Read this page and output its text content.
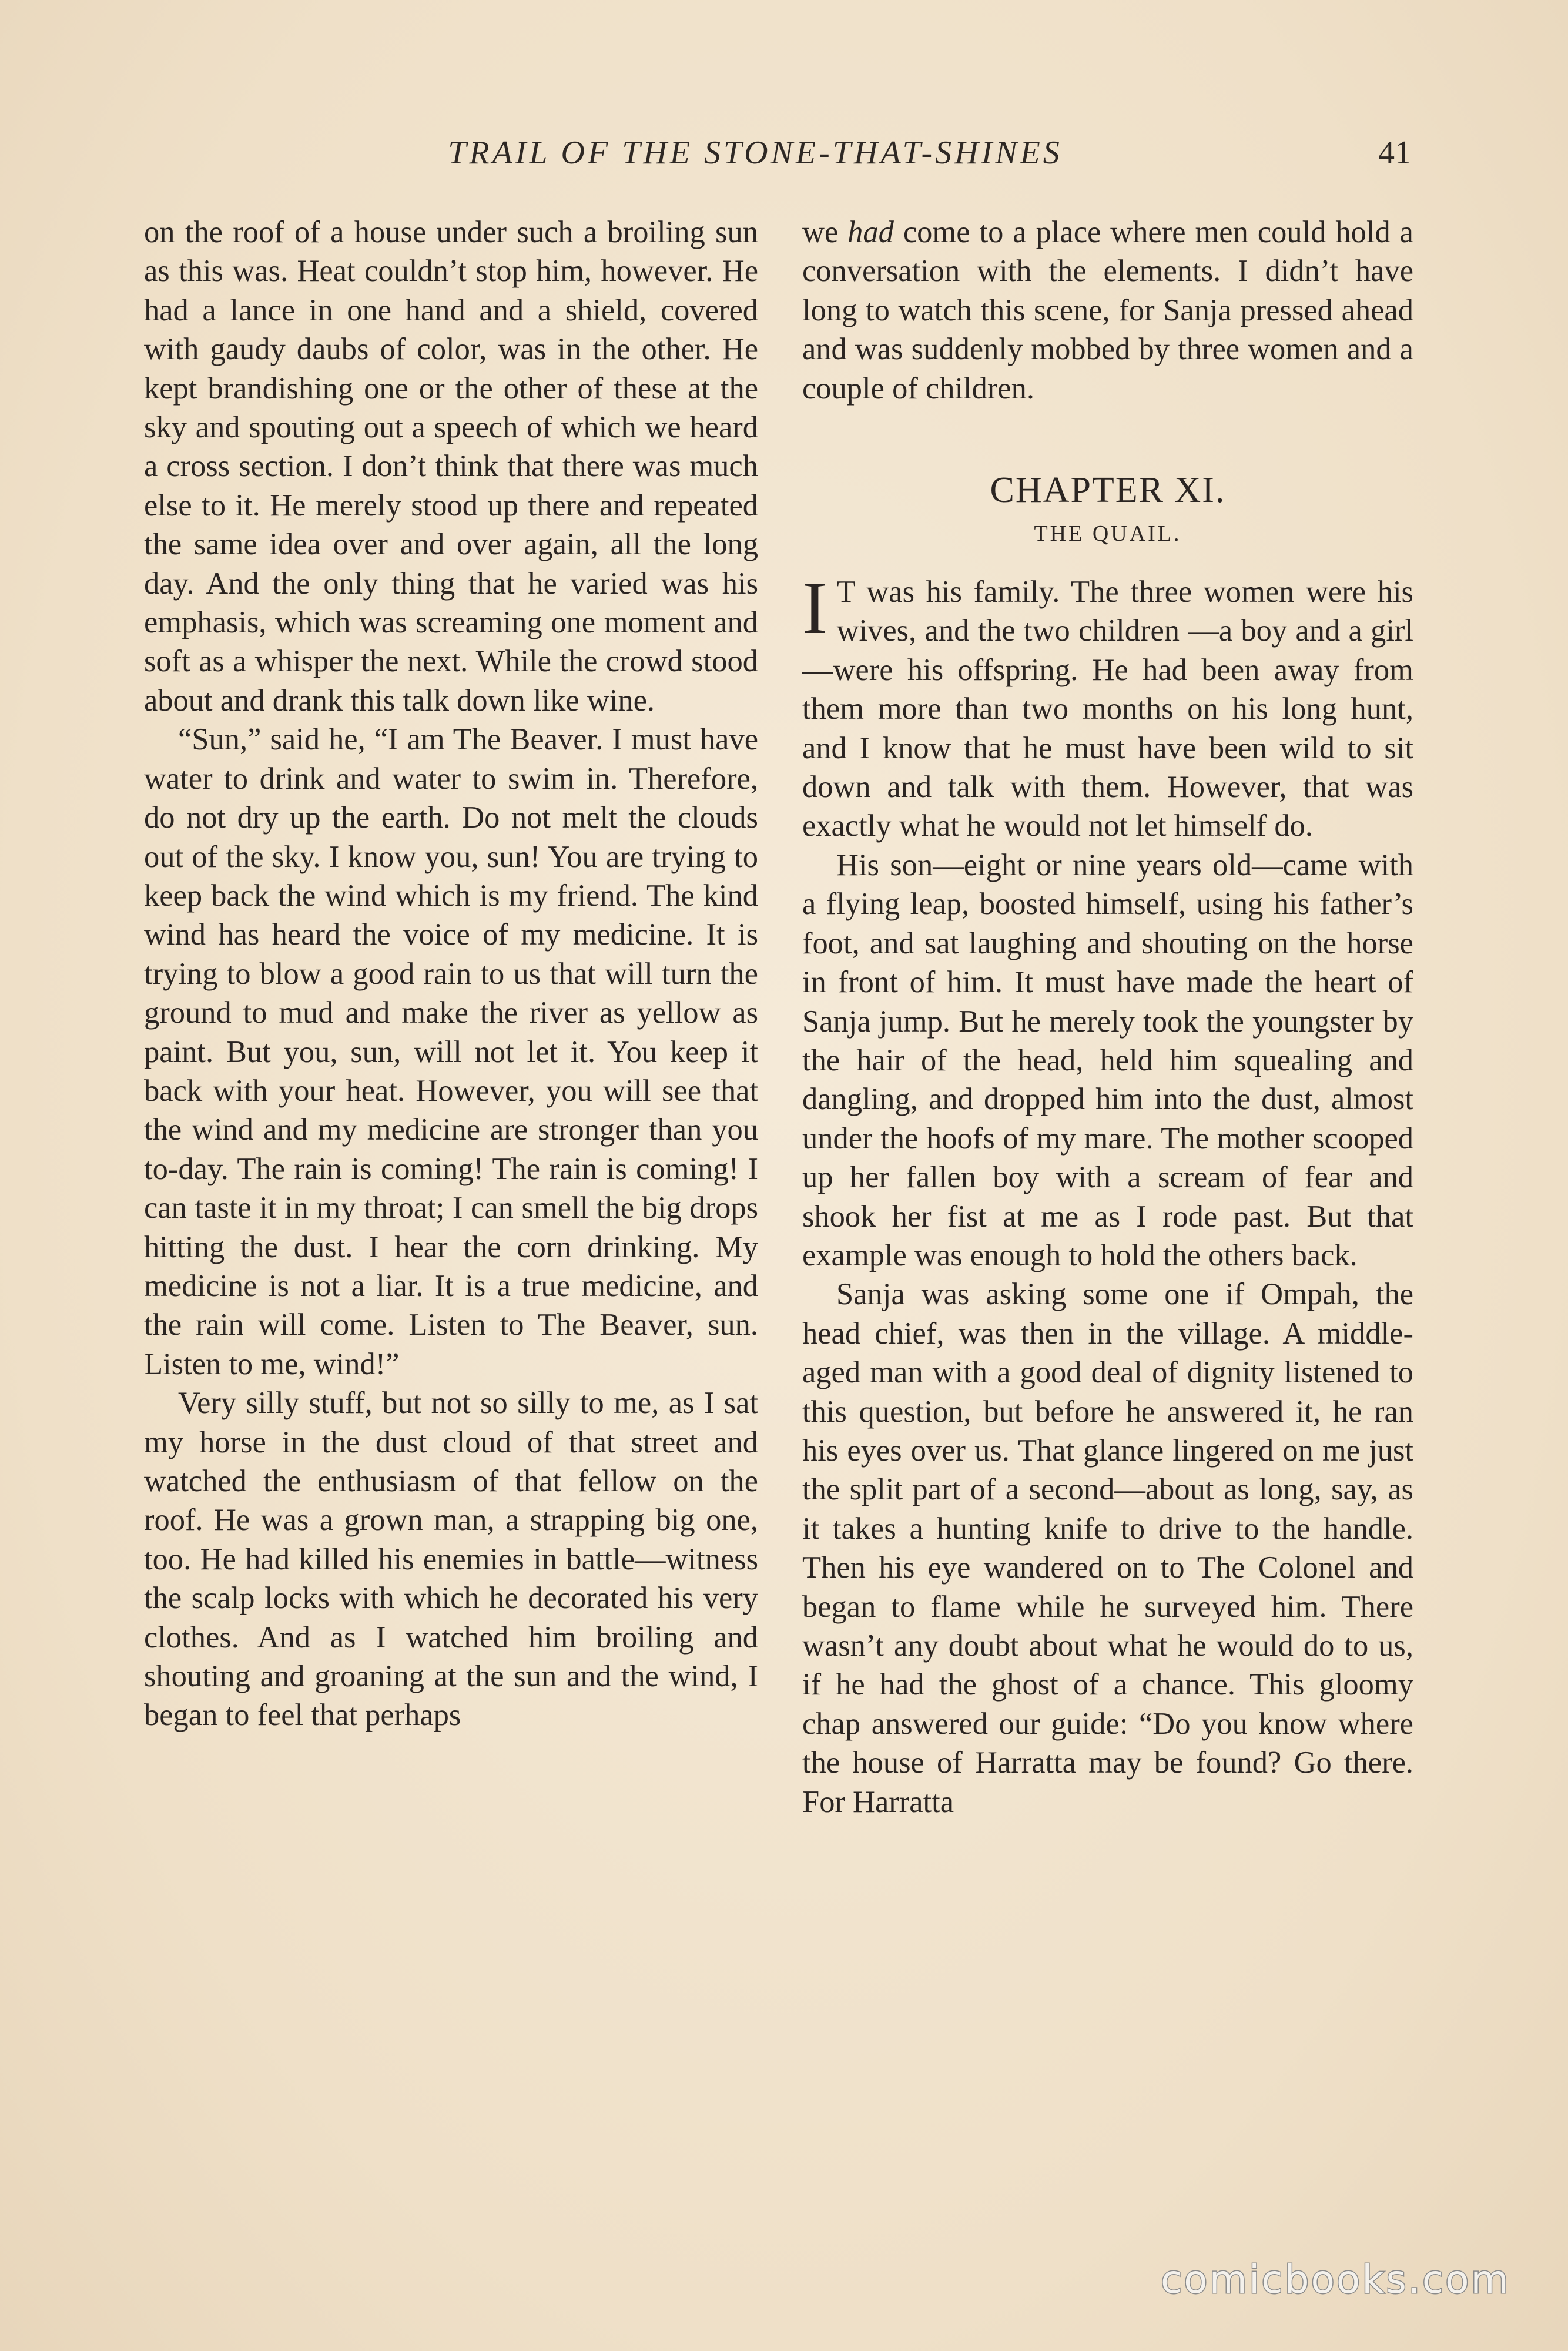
TRAIL OF THE STONE-THAT-SHINES	41

on the roof of a house under such a broiling sun as this was. Heat couldn’t stop him, however. He had a lance in one hand and a shield, covered with gaudy daubs of color, was in the other. He kept brandishing one or the other of these at the sky and spouting out a speech of which we heard a cross section. I don’t think that there was much else to it. He merely stood up there and repeated the same idea over and over again, all the long day. And the only thing that he varied was his emphasis, which was screaming one moment and soft as a whisper the next. While the crowd stood about and drank this talk down like wine.

“Sun,” said he, “I am The Beaver. I must have water to drink and water to swim in. Therefore, do not dry up the earth. Do not melt the clouds out of the sky. I know you, sun! You are trying to keep back the wind which is my friend. The kind wind has heard the voice of my medicine. It is trying to blow a good rain to us that will turn the ground to mud and make the river as yellow as paint. But you, sun, will not let it. You keep it back with your heat. However, you will see that the wind and my medicine are stronger than you to-day. The rain is coming! The rain is coming! I can taste it in my throat; I can smell the big drops hitting the dust. I hear the corn drinking. My medicine is not a liar. It is a true medicine, and the rain will come. Listen to The Beaver, sun. Listen to me, wind!”

Very silly stuff, but not so silly to me, as I sat my horse in the dust cloud of that street and watched the enthusiasm of that fellow on the roof. He was a grown man, a strapping big one, too. He had killed his enemies in battle—witness the scalp locks with which he decorated his very clothes. And as I watched him broiling and shouting and groaning at the sun and the wind, I began to feel that perhaps

we had come to a place where men could hold a conversation with the elements. I didn’t have long to watch this scene, for Sanja pressed ahead and was suddenly mobbed by three women and a couple of children.

CHAPTER XI.
THE QUAIL.

I T was his family. The three women were his wives, and the two children —a boy and a girl—were his offspring. He had been away from them more than two months on his long hunt, and I know that he must have been wild to sit down and talk with them. However, that was exactly what he would not let himself do.

His son—eight or nine years old—came with a flying leap, boosted himself, using his father’s foot, and sat laughing and shouting on the horse in front of him. It must have made the heart of Sanja jump. But he merely took the youngster by the hair of the head, held him squealing and dangling, and dropped him into the dust, almost under the hoofs of my mare. The mother scooped up her fallen boy with a scream of fear and shook her fist at me as I rode past. But that example was enough to hold the others back.

Sanja was asking some one if Ompah, the head chief, was then in the village. A middle-aged man with a good deal of dignity listened to this question, but before he answered it, he ran his eyes over us. That glance lingered on me just the split part of a second—about as long, say, as it takes a hunting knife to drive to the handle. Then his eye wandered on to The Colonel and began to flame while he surveyed him. There wasn’t any doubt about what he would do to us, if he had the ghost of a chance. This gloomy chap answered our guide: “Do you know where the house of Harratta may be found? Go there. For Harratta

comicbooks.com
